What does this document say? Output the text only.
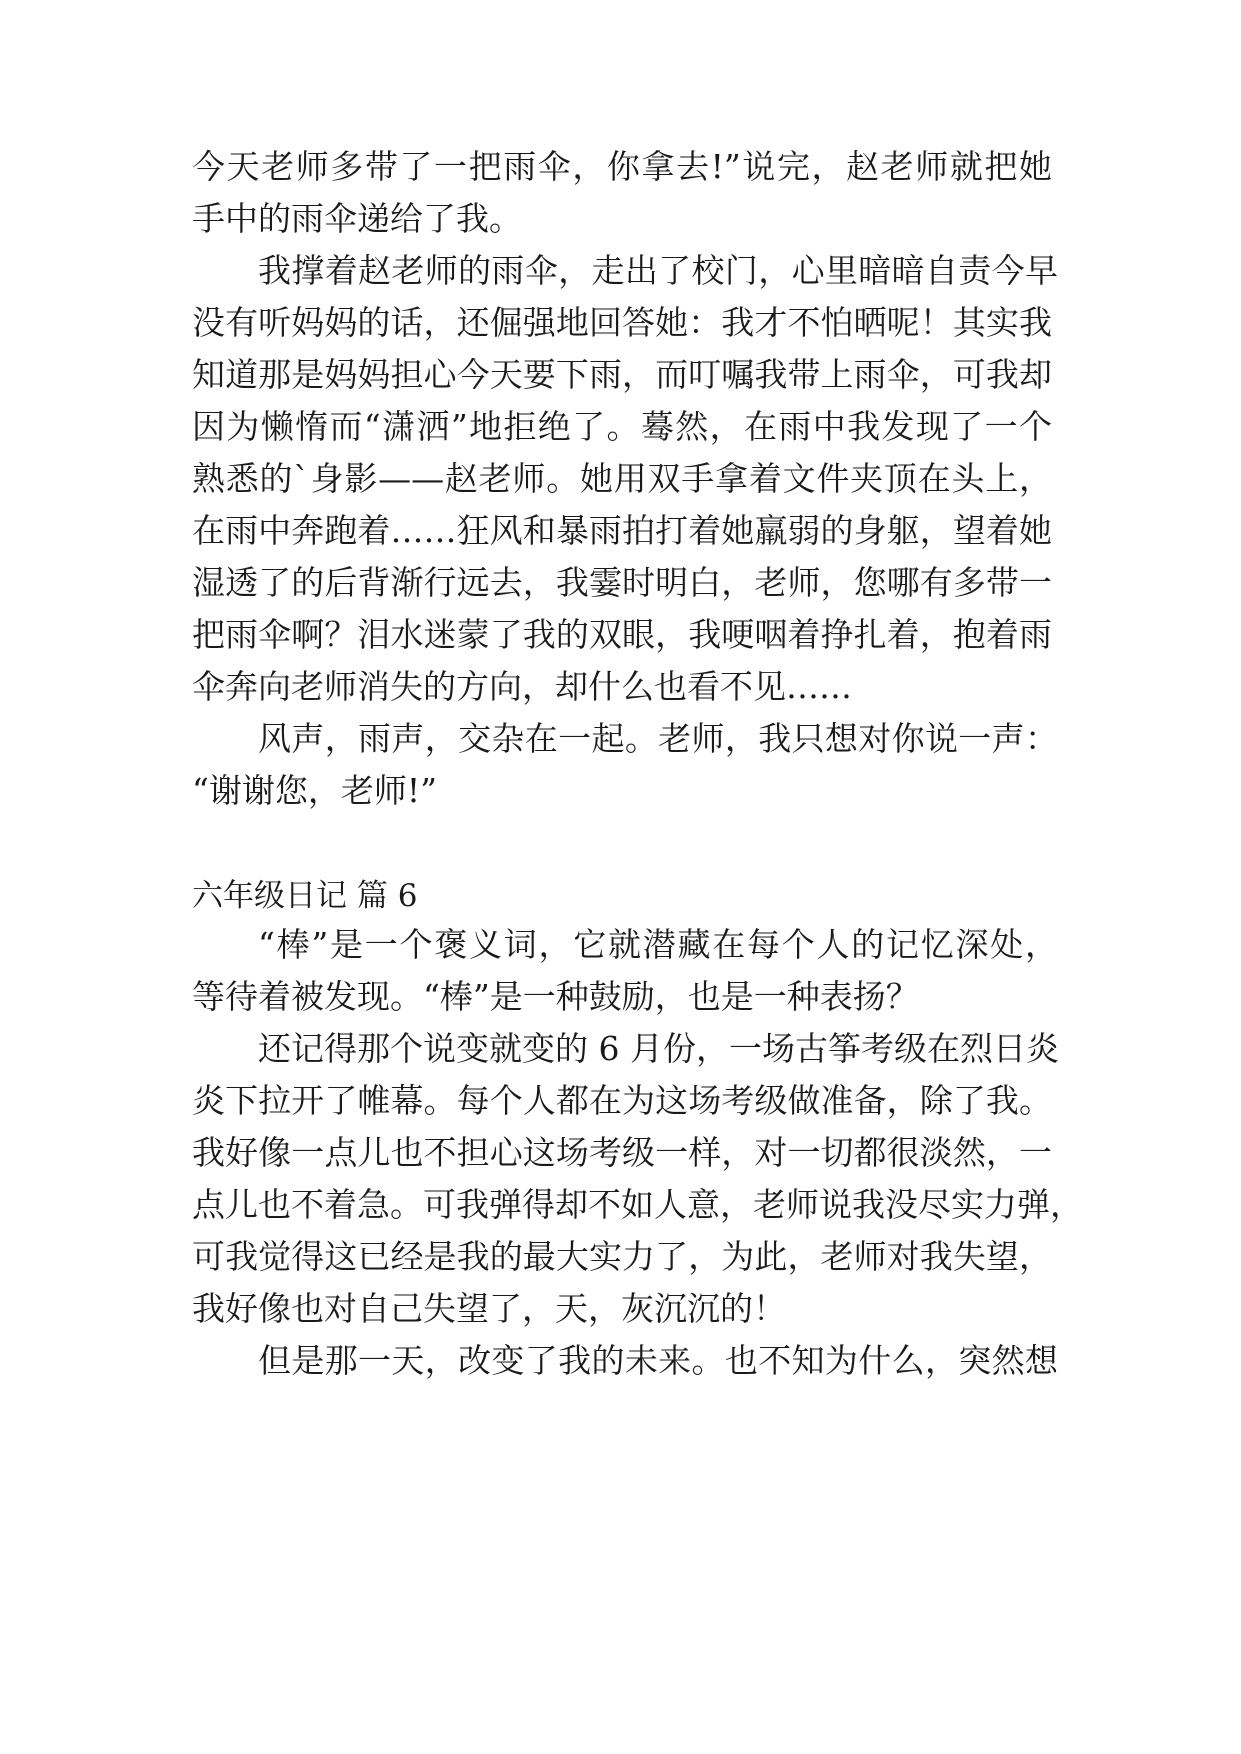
今天老师多带了一把雨伞，你拿去!”说完，赵老师就把她
手中的雨伞递给了我。
我撑着赵老师的雨伞，走出了校门，心里暗暗自责今早
没有听妈妈的话，还倔强地回答她：我才不怕晒呢！其实我
知道那是妈妈担心今天要下雨，而叮嘱我带上雨伞，可我却
因为懒惰而“潇洒”地拒绝了。蓦然，在雨中我发现了一个
熟悉的`身影——赵老师。她用双手拿着文件夹顶在头上，
在雨中奔跑着……狂风和暴雨拍打着她羸弱的身躯，望着她
湿透了的后背渐行远去，我霎时明白，老师，您哪有多带一
把雨伞啊？泪水迷蒙了我的双眼，我哽咽着挣扎着，抱着雨
伞奔向老师消失的方向，却什么也看不见……
风声，雨声，交杂在一起。老师，我只想对你说一声：
“谢谢您，老师!”
六年级日记 篇 6
“棒”是一个褒义词，它就潜藏在每个人的记忆深处，
等待着被发现。“棒”是一种鼓励，也是一种表扬？
还记得那个说变就变的 6 月份，一场古筝考级在烈日炎
炎下拉开了帷幕。每个人都在为这场考级做准备，除了我。
我好像一点儿也不担心这场考级一样，对一切都很淡然，一
点儿也不着急。可我弹得却不如人意，老师说我没尽实力弹，
可我觉得这已经是我的最大实力了，为此，老师对我失望，
我好像也对自己失望了，天，灰沉沉的！
但是那一天，改变了我的未来。也不知为什么，突然想
